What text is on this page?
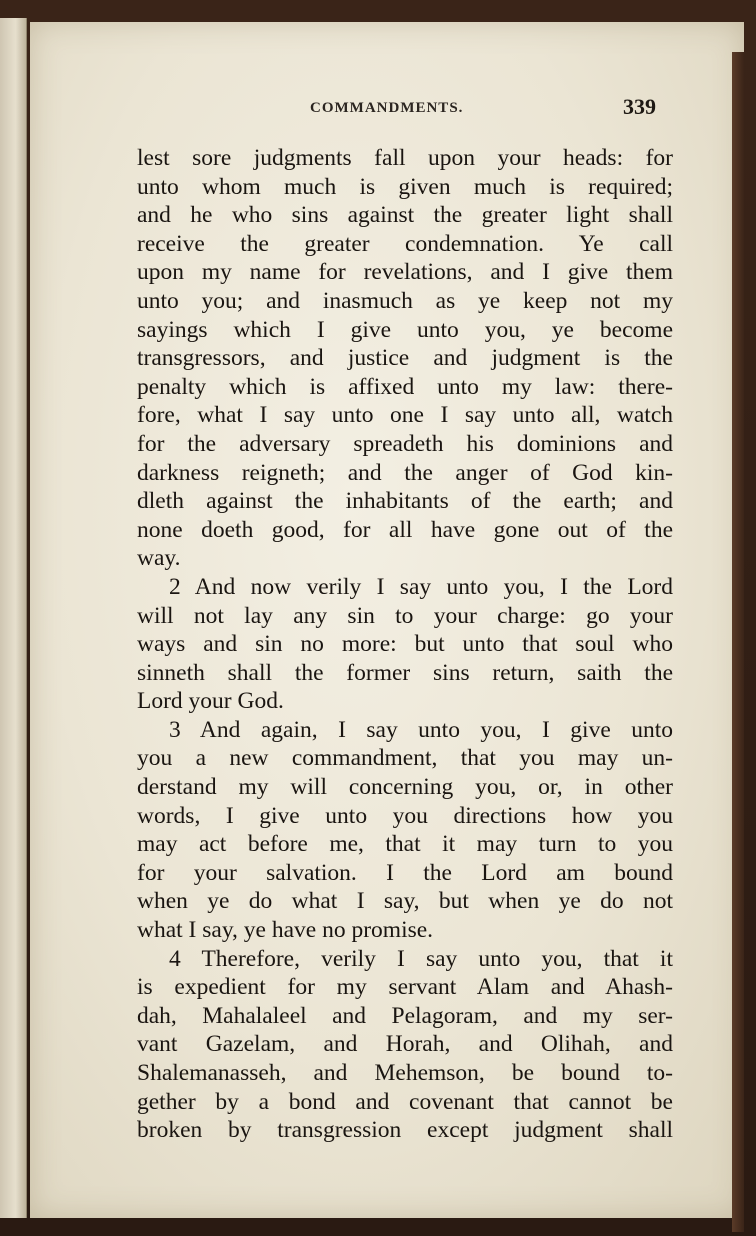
COMMANDMENTS.	339
lest sore judgments fall upon your heads: for
unto whom much is given much is required;
and he who sins against the greater light shall
receive the greater condemnation. Ye call
upon my name for revelations, and I give them
unto you; and inasmuch as ye keep not my
sayings which I give unto you, ye become
transgressors, and justice and judgment is the
penalty which is affixed unto my law: there-
fore, what I say unto one I say unto all, watch
for the adversary spreadeth his dominions and
darkness reigneth; and the anger of God kin-
dleth against the inhabitants of the earth; and
none doeth good, for all have gone out of the
way.
2 And now verily I say unto you, I the Lord
will not lay any sin to your charge: go your
ways and sin no more: but unto that soul who
sinneth shall the former sins return, saith the
Lord your God.
3 And again, I say unto you, I give unto
you a new commandment, that you may un-
derstand my will concerning you, or, in other
words, I give unto you directions how you
may act before me, that it may turn to you
for your salvation. I the Lord am bound
when ye do what I say, but when ye do not
what I say, ye have no promise.
4 Therefore, verily I say unto you, that it
is expedient for my servant Alam and Ahash-
dah, Mahalaleel and Pelagoram, and my ser-
vant Gazelam, and Horah, and Olihah, and
Shalemanasseh, and Mehemson, be bound to-
gether by a bond and covenant that cannot be
broken by transgression except judgment shall
